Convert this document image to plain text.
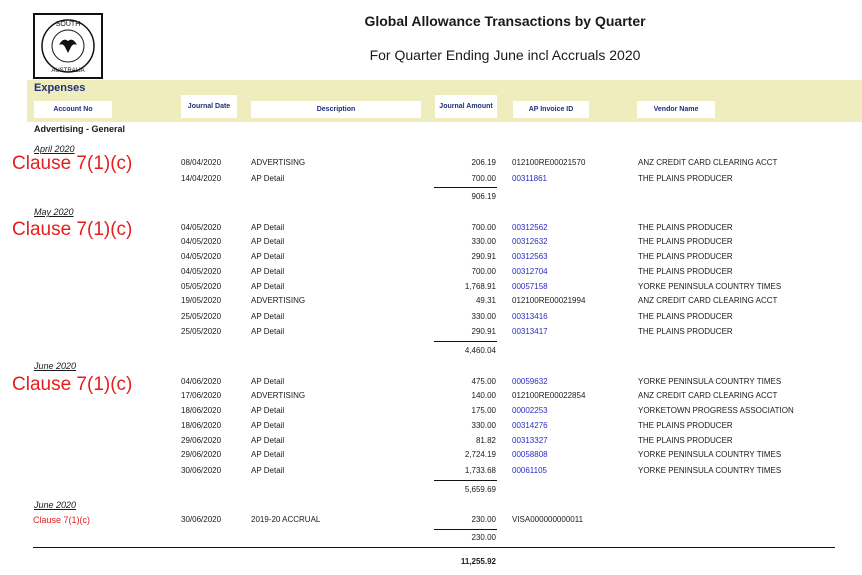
SOUTH
AUSTRALIA
Global Allowance Transactions by Quarter
For Quarter Ending June incl Accruals 2020
Expenses
Account No	Journal Date	Description	Journal Amount	AP Invoice ID	Vendor Name
Advertising - General
April 2020
Clause 7(1)(c)	08/04/2020	ADVERTISING	206.19 012100RE00021570	ANZ CREDIT CARD CLEARING ACCT
14/04/2020	AP Detail	700.00 00311861	THE PLAINS PRODUCER
906.19
May 2020
Clause 7(1)(c)	04/05/2020	AP Detail	700.00 00312562	THE PLAINS PRODUCER
04/05/2020	AP Detail	330.00 00312632	THE PLAINS PRODUCER
04/05/2020	AP Detail	290.91 00312563	THE PLAINS PRODUCER
04/05/2020	AP Detail	700.00 00312704	THE PLAINS PRODUCER
05/05/2020	AP Detail	1,768.91 00057158	YORKE PENINSULA COUNTRY TIMES
19/05/2020	ADVERTISING	49.31 012100RE00021994	ANZ CREDIT CARD CLEARING ACCT
25/05/2020	AP Detail	330.00 00313416	THE PLAINS PRODUCER
25/05/2020	AP Detail	290.91 00313417	THE PLAINS PRODUCER
4,460.04
June 2020
Clause 7(1)(c)	04/06/2020	AP Detail	475.00 00059632	YORKE PENINSULA COUNTRY TIMES
17/06/2020	ADVERTISING	140.00 012100RE00022854	ANZ CREDIT CARD CLEARING ACCT
18/06/2020	AP Detail	175.00 00002253	YORKETOWN PROGRESS ASSOCIATION
18/06/2020	AP Detail	330.00 00314276	THE PLAINS PRODUCER
29/06/2020	AP Detail	81.82 00313327	THE PLAINS PRODUCER
29/06/2020	AP Detail	2,724.19 00058808	YORKE PENINSULA COUNTRY TIMES
30/06/2020	AP Detail	1,733.68 00061105	YORKE PENINSULA COUNTRY TIMES
5,659.69
June 2020
Clause 7(1)(c)	30/06/2020	2019-20 ACCRUAL	230.00 VISA000000000011
230.00
11,255.92
